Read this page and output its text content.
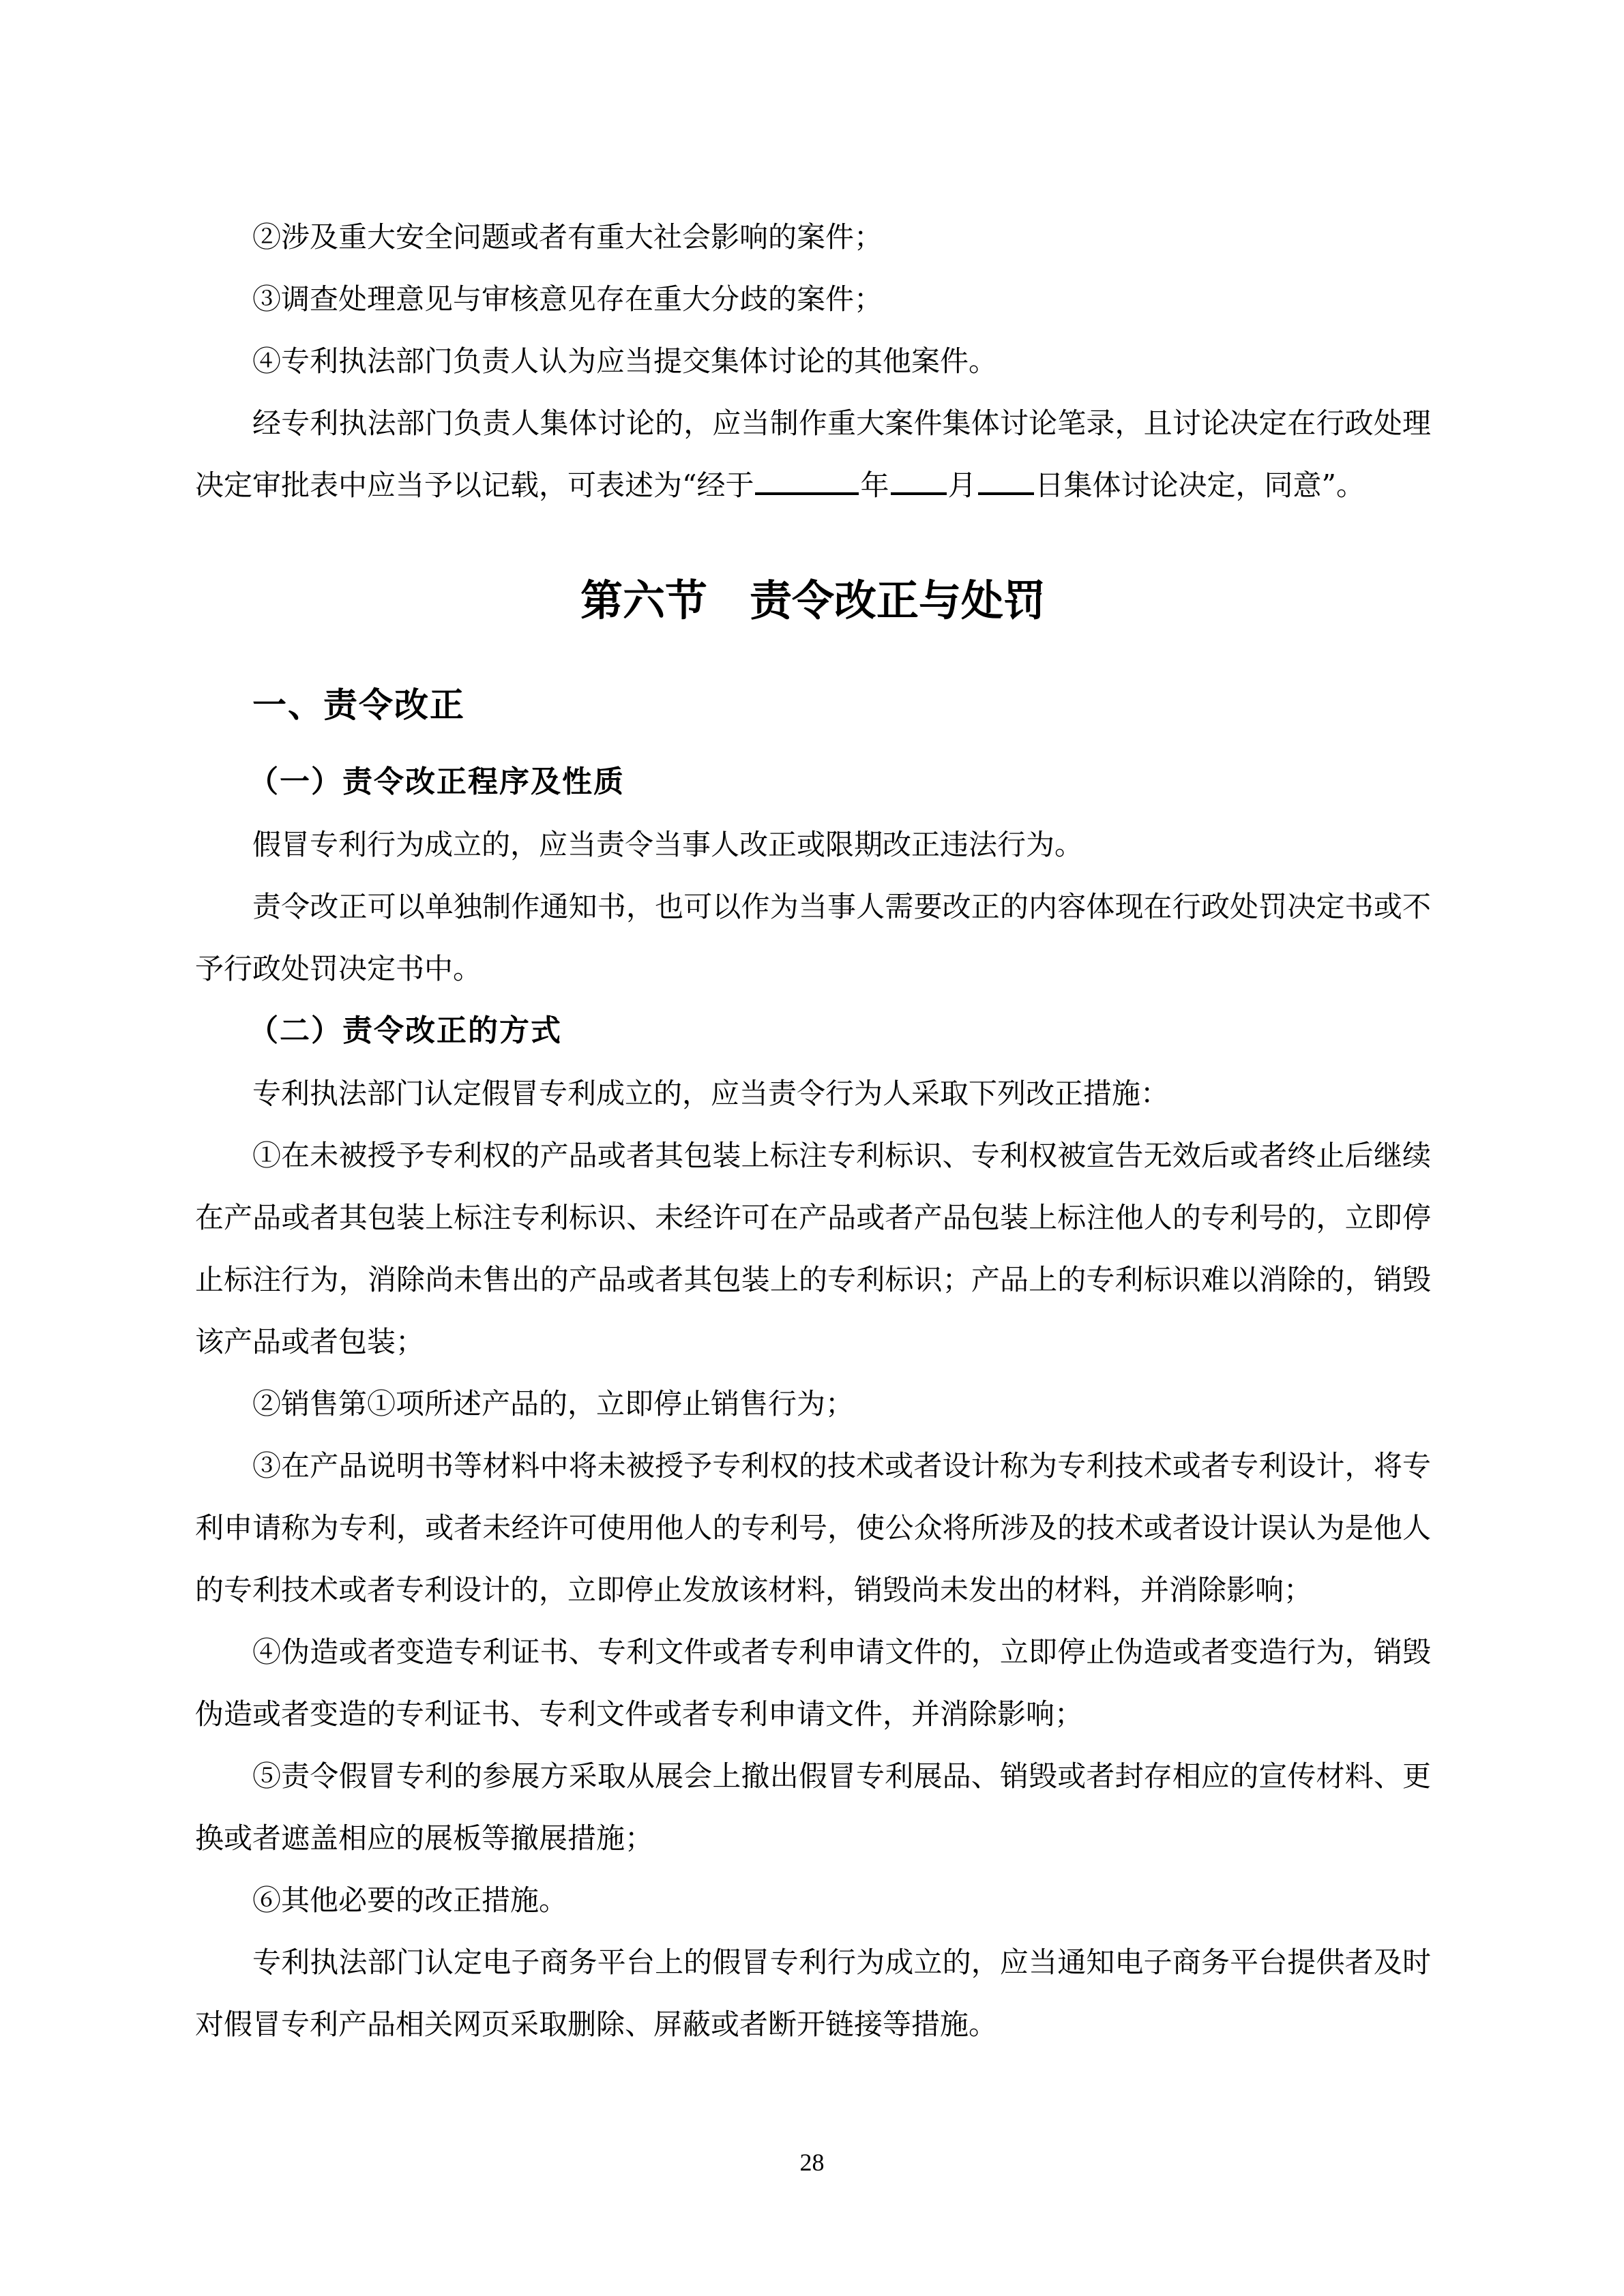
②涉及重大安全问题或者有重大社会影响的案件；

③调查处理意见与审核意见存在重大分歧的案件；

④专利执法部门负责人认为应当提交集体讨论的其他案件。

经专利执法部门负责人集体讨论的，应当制作重大案件集体讨论笔录，且讨论决定在行政处理决定审批表中应当予以记载，可表述为“经于	年 月 日集体讨论决定，同意”。

第六节　责令改正与处罚
一、责令改正
（一）责令改正程序及性质

假冒专利行为成立的，应当责令当事人改正或限期改正违法行为。

责令改正可以单独制作通知书，也可以作为当事人需要改正的内容体现在行政处罚决定书或不予行政处罚决定书中。

（二）责令改正的方式

专利执法部门认定假冒专利成立的，应当责令行为人采取下列改正措施：

①在未被授予专利权的产品或者其包装上标注专利标识、专利权被宣告无效后或者终止后继续在产品或者其包装上标注专利标识、未经许可在产品或者产品包装上标注他人的专利号的，立即停止标注行为，消除尚未售出的产品或者其包装上的专利标识；产品上的专利标识难以消除的，销毁该产品或者包装；

②销售第①项所述产品的，立即停止销售行为；

③在产品说明书等材料中将未被授予专利权的技术或者设计称为专利技术或者专利设计，将专利申请称为专利，或者未经许可使用他人的专利号，使公众将所涉及的技术或者设计误认为是他人的专利技术或者专利设计的，立即停止发放该材料，销毁尚未发出的材料，并消除影响；

④伪造或者变造专利证书、专利文件或者专利申请文件的，立即停止伪造或者变造行为，销毁伪造或者变造的专利证书、专利文件或者专利申请文件，并消除影响；

⑤责令假冒专利的参展方采取从展会上撤出假冒专利展品、销毁或者封存相应的宣传材料、更换或者遮盖相应的展板等撤展措施；

⑥其他必要的改正措施。

专利执法部门认定电子商务平台上的假冒专利行为成立的，应当通知电子商务平台提供者及时对假冒专利产品相关网页采取删除、屏蔽或者断开链接等措施。

28
